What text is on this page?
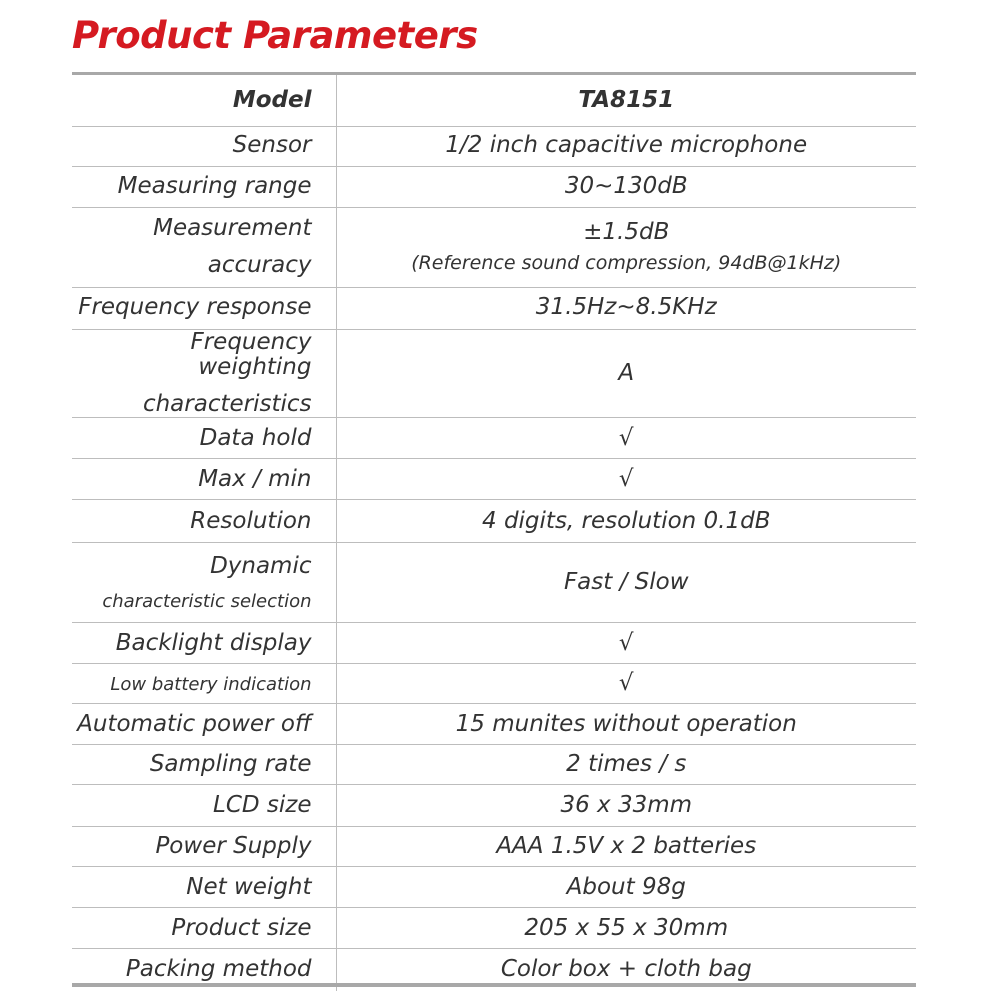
Product Parameters
Model	TA8151
Sensor	1/2 inch capacitive microphone
Measuring range	30~130dB

Measurement
accuracy	±1.5dB
(Reference sound compression, 94dB@1kHz)

Frequency response	31.5Hz~8.5KHz

Frequency weighting
characteristics	A
Data hold	√
Max / min	√
Resolution	4 digits, resolution 0.1dB

Dynamic
characteristic selection	Fast / Slow
Backlight display	√
Low battery indication	√
Automatic power off	15 munites without operation
Sampling rate	2 times / s
LCD size	36 x 33mm
Power Supply	AAA 1.5V x 2 batteries
Net weight	About 98g
Product size	205 x 55 x 30mm
Packing method	Color box + cloth bag
